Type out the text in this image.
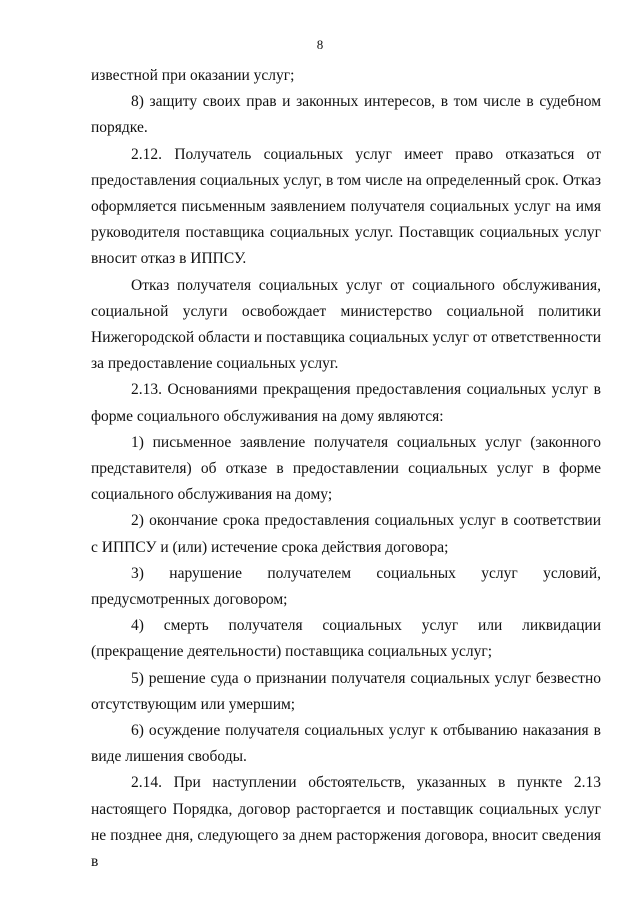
8

известной при оказании услуг;

8) защиту своих прав и законных интересов, в том числе в судебном порядке.

2.12. Получатель социальных услуг имеет право отказаться от предоставления социальных услуг, в том числе на определенный срок. Отказ оформляется письменным заявлением получателя социальных услуг на имя руководителя поставщика социальных услуг. Поставщик социальных услуг вносит отказ в ИППСУ.

Отказ получателя социальных услуг от социального обслуживания, социальной услуги освобождает министерство социальной политики Нижегородской области и поставщика социальных услуг от ответственности за предоставление социальных услуг.

2.13. Основаниями прекращения предоставления социальных услуг в форме социального обслуживания на дому являются:

1) письменное заявление получателя социальных услуг (законного представителя) об отказе в предоставлении социальных услуг в форме социального обслуживания на дому;

2) окончание срока предоставления социальных услуг в соответствии с ИППСУ и (или) истечение срока действия договора;

3) нарушение получателем социальных услуг условий, предусмотренных договором;

4) смерть получателя социальных услуг или ликвидации (прекращение деятельности) поставщика социальных услуг;

5) решение суда о признании получателя социальных услуг безвестно отсутствующим или умершим;

6) осуждение получателя социальных услуг к отбыванию наказания в виде лишения свободы.

2.14. При наступлении обстоятельств, указанных в пункте 2.13 настоящего Порядка, договор расторгается и поставщик социальных услуг не позднее дня, следующего за днем расторжения договора, вносит сведения в
